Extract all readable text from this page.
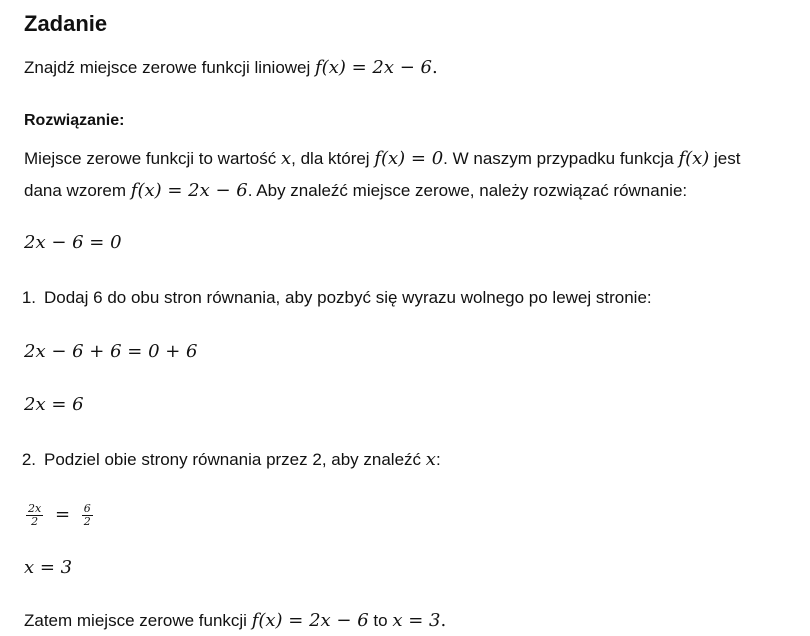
Zadanie
Znajdź miejsce zerowe funkcji liniowej f(x) = 2x − 6.
Rozwiązanie:
Miejsce zerowe funkcji to wartość x, dla której f(x) = 0. W naszym przypadku funkcja f(x) jest
dana wzorem f(x) = 2x − 6. Aby znaleźć miejsce zerowe, należy rozwiązać równanie:
2x − 6 = 0
1. Dodaj 6 do obu stron równania, aby pozbyć się wyrazu wolnego po lewej stronie:
2x − 6 + 6 = 0 + 6
2x = 6
2. Podziel obie strony równania przez 2, aby znaleźć x:
$\frac{2x}{2} = \frac{6}{2}$
x = 3
Zatem miejsce zerowe funkcji f(x) = 2x − 6 to x = 3.
